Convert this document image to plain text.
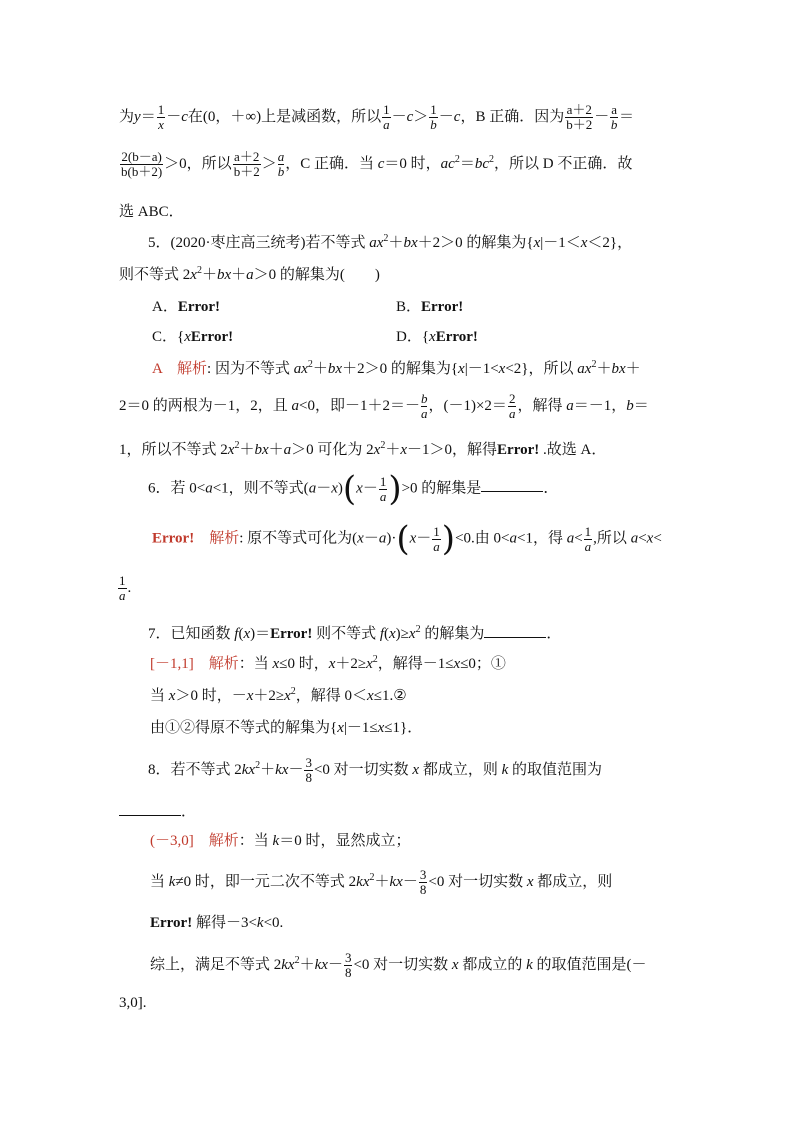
为$y= \frac{1}{x}-c$在(0，＋∞)上是减函数，所以 $\frac{1}{a}-c> \frac{1}{b}-c$，B 正确．因为 $\frac{a+2}{b+2} - \frac{a}{b}=$
$\frac{2(b-a)}{b(b+2)} >0$，所以 $\frac{a+2}{b+2} > \frac{a}{b}$，C 正确．当 c＝0 时，$ac^2=bc^2$，所以 D 不正确．故
选 ABC．
5．(2020·枣庄高三统考)若不等式 $ax^2+bx+2>0$ 的解集为{x|－1＜x＜2}，
则不等式 $2x^2+bx+a>0$ 的解集为(　　)
A．Error!	B．Error!
C．{xError!	D．{xError!
A　 解析: 因为不等式 $ax^2+bx+2>0$ 的解集为{x|－1<x<2}，所以 $ax^2+bx+$
2＝0 的两根为－1，2，且 a<0，即$-1+2=- \frac{b}{a}$，$(-1)\times 2= \frac{2}{a}$，解得 a＝－1，b＝
1，所以不等式 $2x^2+bx+a>0$ 可化为 $2x^2+x-1>0$，解得Error! .故选 A．
6．若 0<a<1，则不等式$(a-x)(x- \frac{1}{a})>0$ 的解集是	．
Error!　 解析: 原不等式可化为$(x-a)\cdot(x- \frac{1}{a})<0$.由 0<a<1，得 $a< \frac{1}{a}$,所以 a<x<
$\frac{1}{a}$.
7．已知函数 f(x)＝Error! 则不等式 $f(x)\ge x^2$ 的解集为	．
[－1,1]　 解析：当 x≤0 时，$x+2\ge x^2$，解得－1≤x≤0；①
当 x＞0 时，$-x+2\ge x^2$，解得 0＜x≤1.②
由①②得原不等式的解集为{x|－1≤x≤1}．
8．若不等式 $2kx^2+kx- \frac{3}{8} <0$ 对一切实数 x 都成立，则 k 的取值范围为
．
(－3,0]　 解析：当 k＝0 时，显然成立；
当 k≠0 时，即一元二次不等式 $2kx^2+kx- \frac{3}{8} <0$ 对一切实数 x 都成立，则
Error! 解得－3<k<0.
综上，满足不等式 $2kx^2+kx- \frac{3}{8} <0$ 对一切实数 x 都成立的 k 的取值范围是(－
3,0].
